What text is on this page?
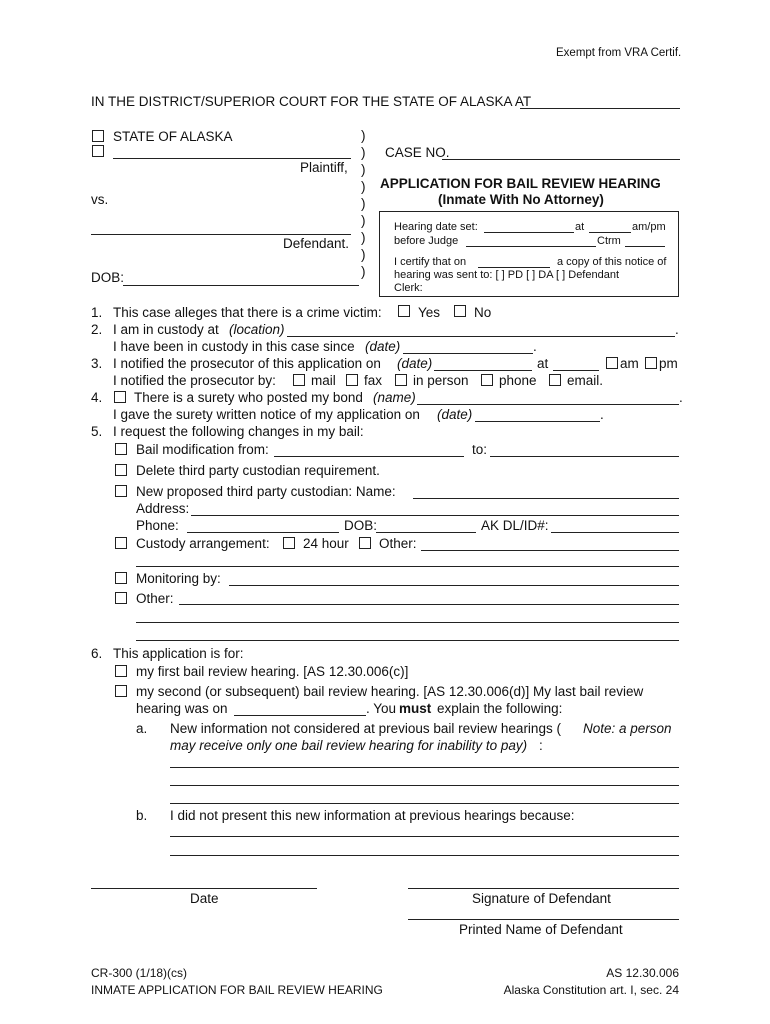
Exempt from VRA Certif.
IN THE DISTRICT/SUPERIOR COURT FOR THE STATE OF ALASKA AT
STATE OF ALASKA
Plaintiff,
vs.
Defendant.
DOB:
)
)
)
)
)
)
)
)
)
CASE NO.
APPLICATION FOR BAIL REVIEW HEARING
(Inmate With No Attorney)
Hearing date set:	at	am/pm
before Judge	Ctrm
I certify that on	a copy of this notice of
hearing was sent to: [ ] PD [ ] DA [ ] Defendant
Clerk:
1. This case alleges that there is a crime victim:	Yes	No
2. I am in custody at (location)	.
I have been in custody in this case since (date)	.
3. I notified the prosecutor of this application on (date)	at	am pm
I notified the prosecutor by:	mail fax in person phone email.
4. There is a surety who posted my bond (name)	.
I gave the surety written notice of my application on (date)	.
5. I request the following changes in my bail:
Bail modification from:	to:
Delete third party custodian requirement.
New proposed third party custodian: Name:
Address:
Phone:	DOB:	AK DL/ID#:
Custody arrangement: 24 hour Other:
Monitoring by:
Other:
6. This application is for:
my first bail review hearing. [AS 12.30.006(c)]
my second (or subsequent) bail review hearing. [AS 12.30.006(d)] My last bail review
hearing was on	. You must explain the following:
a. New information not considered at previous bail review hearings ( Note: a person
may receive only one bail review hearing for inability to pay) :
b. I did not present this new information at previous hearings because:
Date	Signature of Defendant
Printed Name of Defendant
CR-300 (1/18)(cs)
INMATE APPLICATION FOR BAIL REVIEW HEARING
AS 12.30.006
Alaska Constitution art. I, sec. 24
